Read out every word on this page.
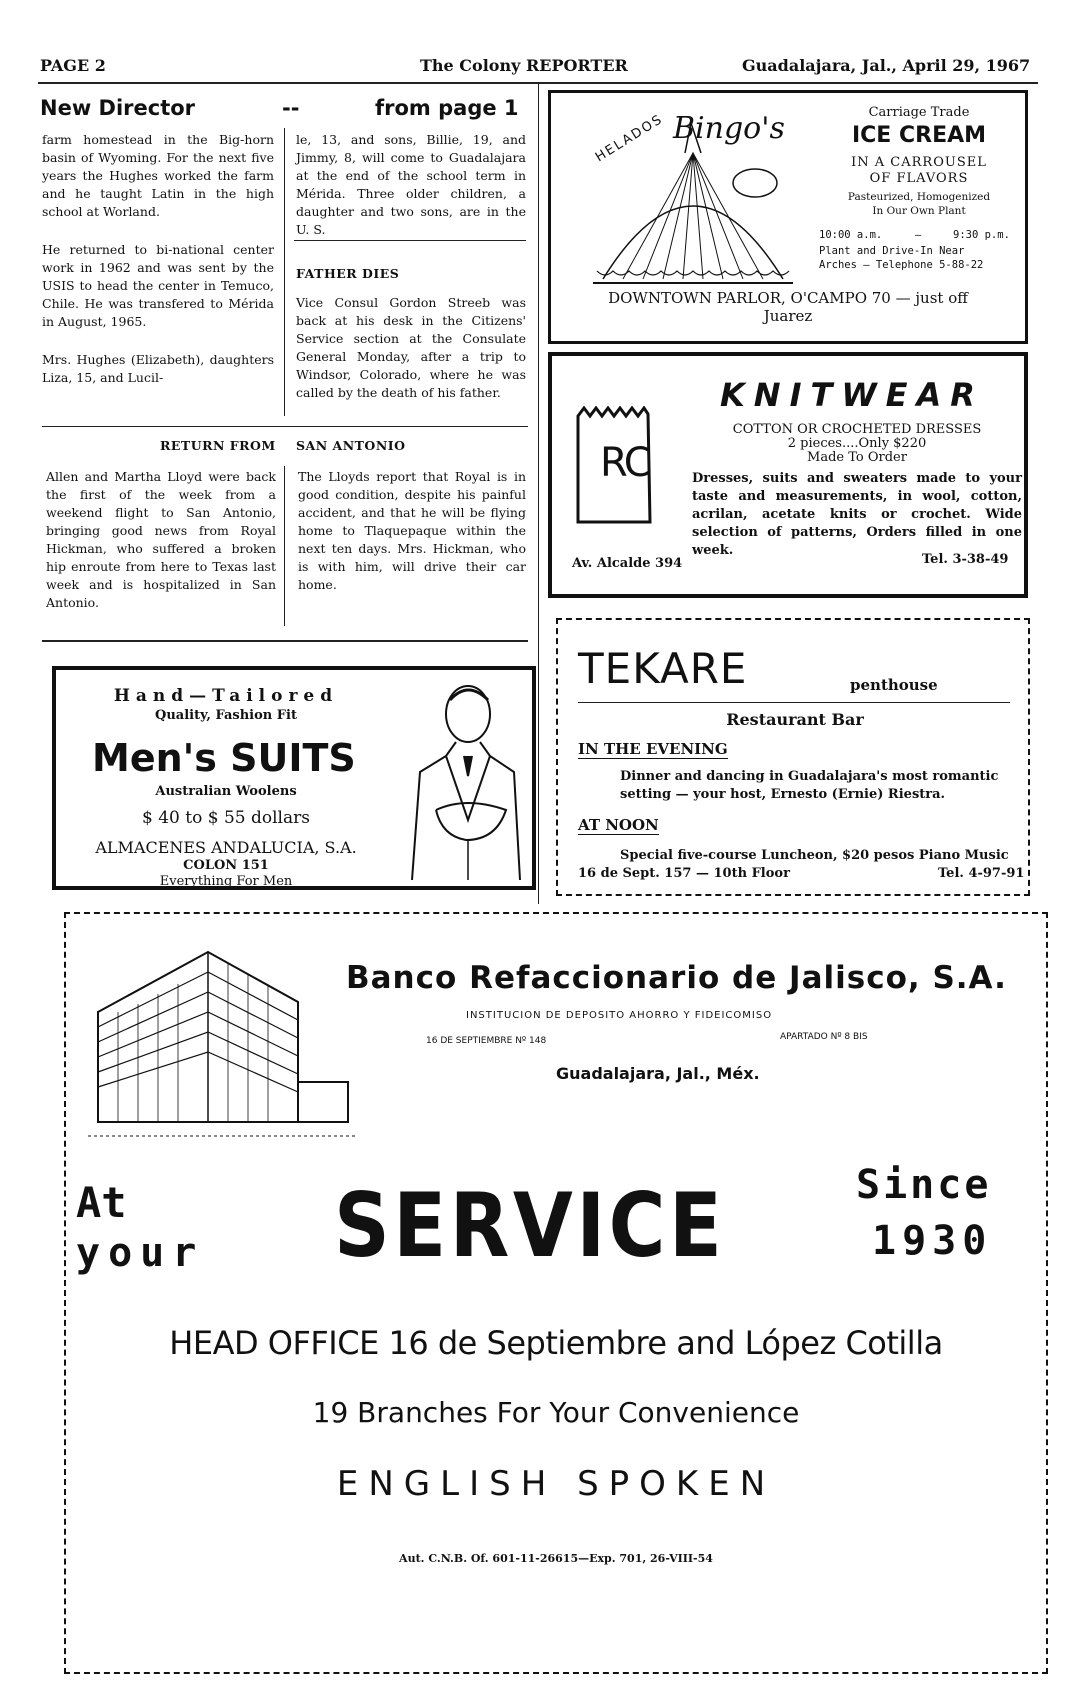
PAGE 2	The Colony REPORTER	Guadalajara, Jal., April 29, 1967
New Director	--	from page 1

farm homestead in the Big-horn basin of Wyoming. For the next five years the Hughes worked the farm and he taught Latin in the high school at Worland.

He returned to bi-national center work in 1962 and was sent by the USIS to head the center in Temuco, Chile. He was transfered to Mérida in August, 1965.

Mrs. Hughes (Elizabeth), daughters Liza, 15, and Lucil-

le, 13, and sons, Billie, 19, and Jimmy, 8, will come to Guadalajara at the end of the school term in Mérida. Three older children, a daughter and two sons, are in the U. S.

FATHER DIES

Vice Consul Gordon Streeb was back at his desk in the Citizens' Service section at the Consulate General Monday, after a trip to Windsor, Colorado, where he was called by the death of his father.

RETURN FROM SAN ANTONIO

Allen and Martha Lloyd were back the first of the week from a weekend flight to San Antonio, bringing good news from Royal Hickman, who suffered a broken hip enroute from here to Texas last week and is hospitalized in San Antonio.

The Lloyds report that Royal is in good condition, despite his painful accident, and that he will be flying home to Tlaquepaque within the next ten days. Mrs. Hickman, who is with him, will drive their car home.

HELADOS Bingo's	Carriage Trade
ICE CREAM
IN A CARROUSEL
OF FLAVORS
Pasteurized, Homogenized
In Our Own Plant
10:00 a.m.	—	9:30 p.m.
Plant and Drive-In Near
Arches — Telephone 5-88-22
DOWNTOWN PARLOR, O'CAMPO 70 — just off
Juarez
RC
KNITWEAR
COTTON OR CROCHETED DRESSES
2 pieces....Only $220
Made To Order
Dresses, suits and sweaters made to your taste and measurements, in wool, cotton, acrilan, acetate knits or crochet. Wide selection of patterns, Orders filled in one week.
Av. Alcalde 394	Tel. 3-38-49
Hand—Tailored
Quality, Fashion Fit
Men's SUITS
Australian Woolens
$ 40 to $ 55 dollars
ALMACENES ANDALUCIA, S.A.
COLON 151
Everything For Men
TEKARE	penthouse
Restaurant Bar
IN THE EVENING
Dinner and dancing in Guadalajara's most romantic setting — your host, Ernesto (Ernie) Riestra.
AT NOON
Special five-course Luncheon, $20 pesos Piano Music
16 de Sept. 157 — 10th Floor	Tel. 4-97-91
Banco Refaccionario de Jalisco, S.A.
INSTITUCION DE DEPOSITO AHORRO Y FIDEICOMISO
16 DE SEPTIEMBRE Nº 148	APARTADO Nº 8 BIS
Guadalajara, Jal., Méx.
At
your SERVICE	Since
1930
HEAD OFFICE 16 de Septiembre and López Cotilla
19 Branches For Your Convenience
ENGLISH SPOKEN
Aut. C.N.B. Of. 601-11-26615—Exp. 701, 26-VIII-54
